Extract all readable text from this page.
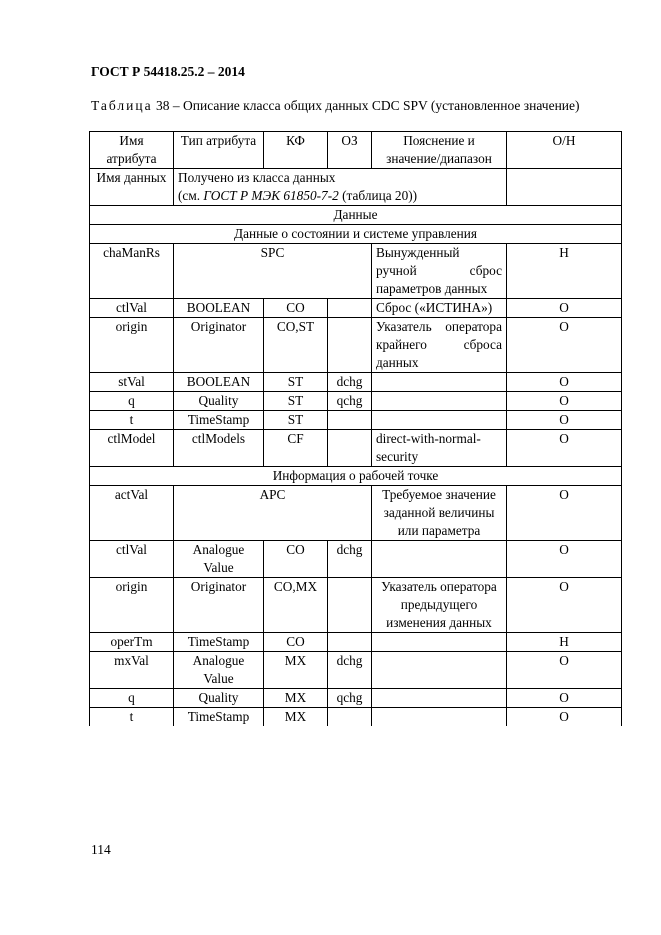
ГОСТ Р 54418.25.2 – 2014
Таблица 38 – Описание класса общих данных CDC SPV (установленное значение)
Имя атрибута	Тип атрибута	КФ	ОЗ	Пояснение и значение/диапазон	О/Н
Имя данных	Получено из класса данных
(см. ГОСТ Р МЭК 61850-7-2 (таблица 20))				
Данные					
Данные о состоянии и системе управления					
chaManRs	SPC			Вынужденный ручной сброс параметров данных	Н
ctlVal	BOOLEAN	CO		Сброс («ИСТИНА»)	О
origin	Originator	CO,ST		Указатель оператора крайнего сброса данных	О
stVal	BOOLEAN	ST	dchg		О
q	Quality	ST	qchg		О
t	TimeStamp	ST			О
ctlModel	ctlModels	CF		direct-with-normal-security	О
Информация о рабочей точке					
actVal	APC			Требуемое значение заданной величины или параметра	О
ctlVal	Analogue Value	CO	dchg		О
origin	Originator	CO,MX		Указатель оператора предыдущего изменения данных	О
operTm	TimeStamp	CO			Н
mxVal	Analogue Value	MX	dchg		О
q	Quality	MX	qchg		О
t	TimeStamp	MX			О
114
